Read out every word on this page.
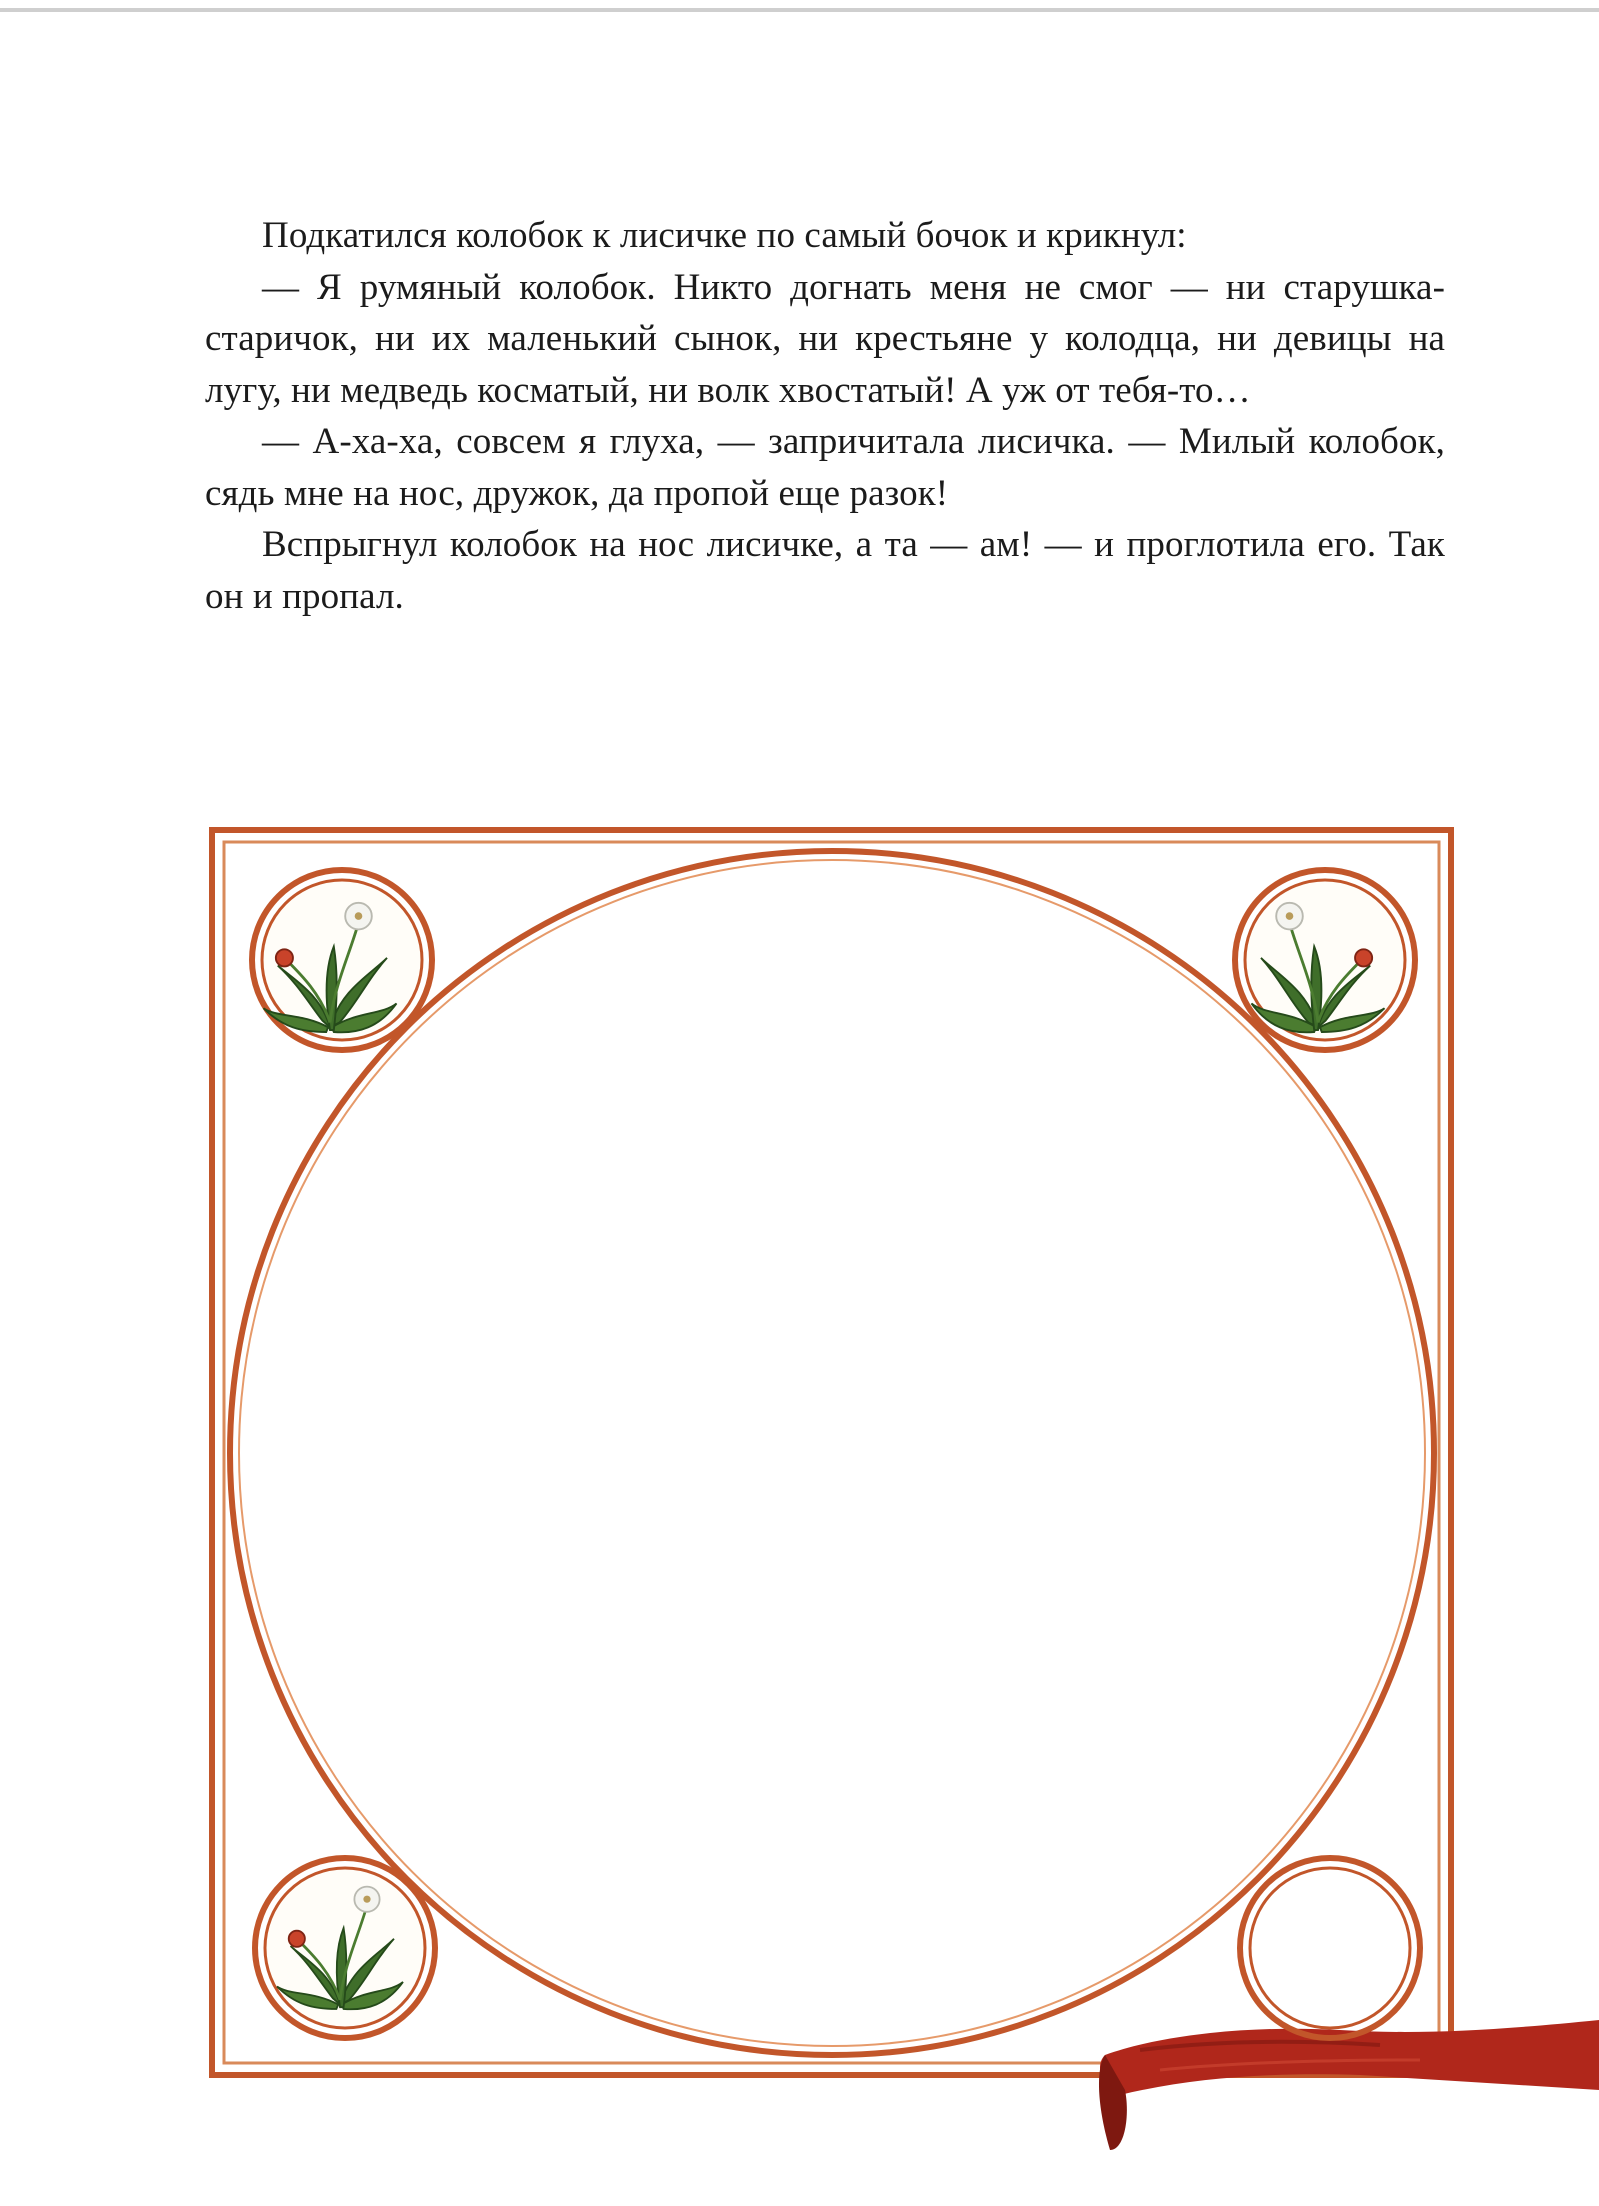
Подкатился колобок к лисичке по самый бочок и крикнул:

— Я румяный колобок. Никто догнать меня не смог — ни старушка-старичок, ни их маленький сынок, ни крестьяне у колодца, ни девицы на лугу, ни медведь косматый, ни волк хвостатый! А уж от тебя-то…

— А-ха-ха, совсем я глуха, — запричитала лисичка. — Милый колобок, сядь мне на нос, дружок, да пропой еще разок!

Вспрыгнул колобок на нос лисичке, а та — ам! — и проглотила его. Так он и пропал.
